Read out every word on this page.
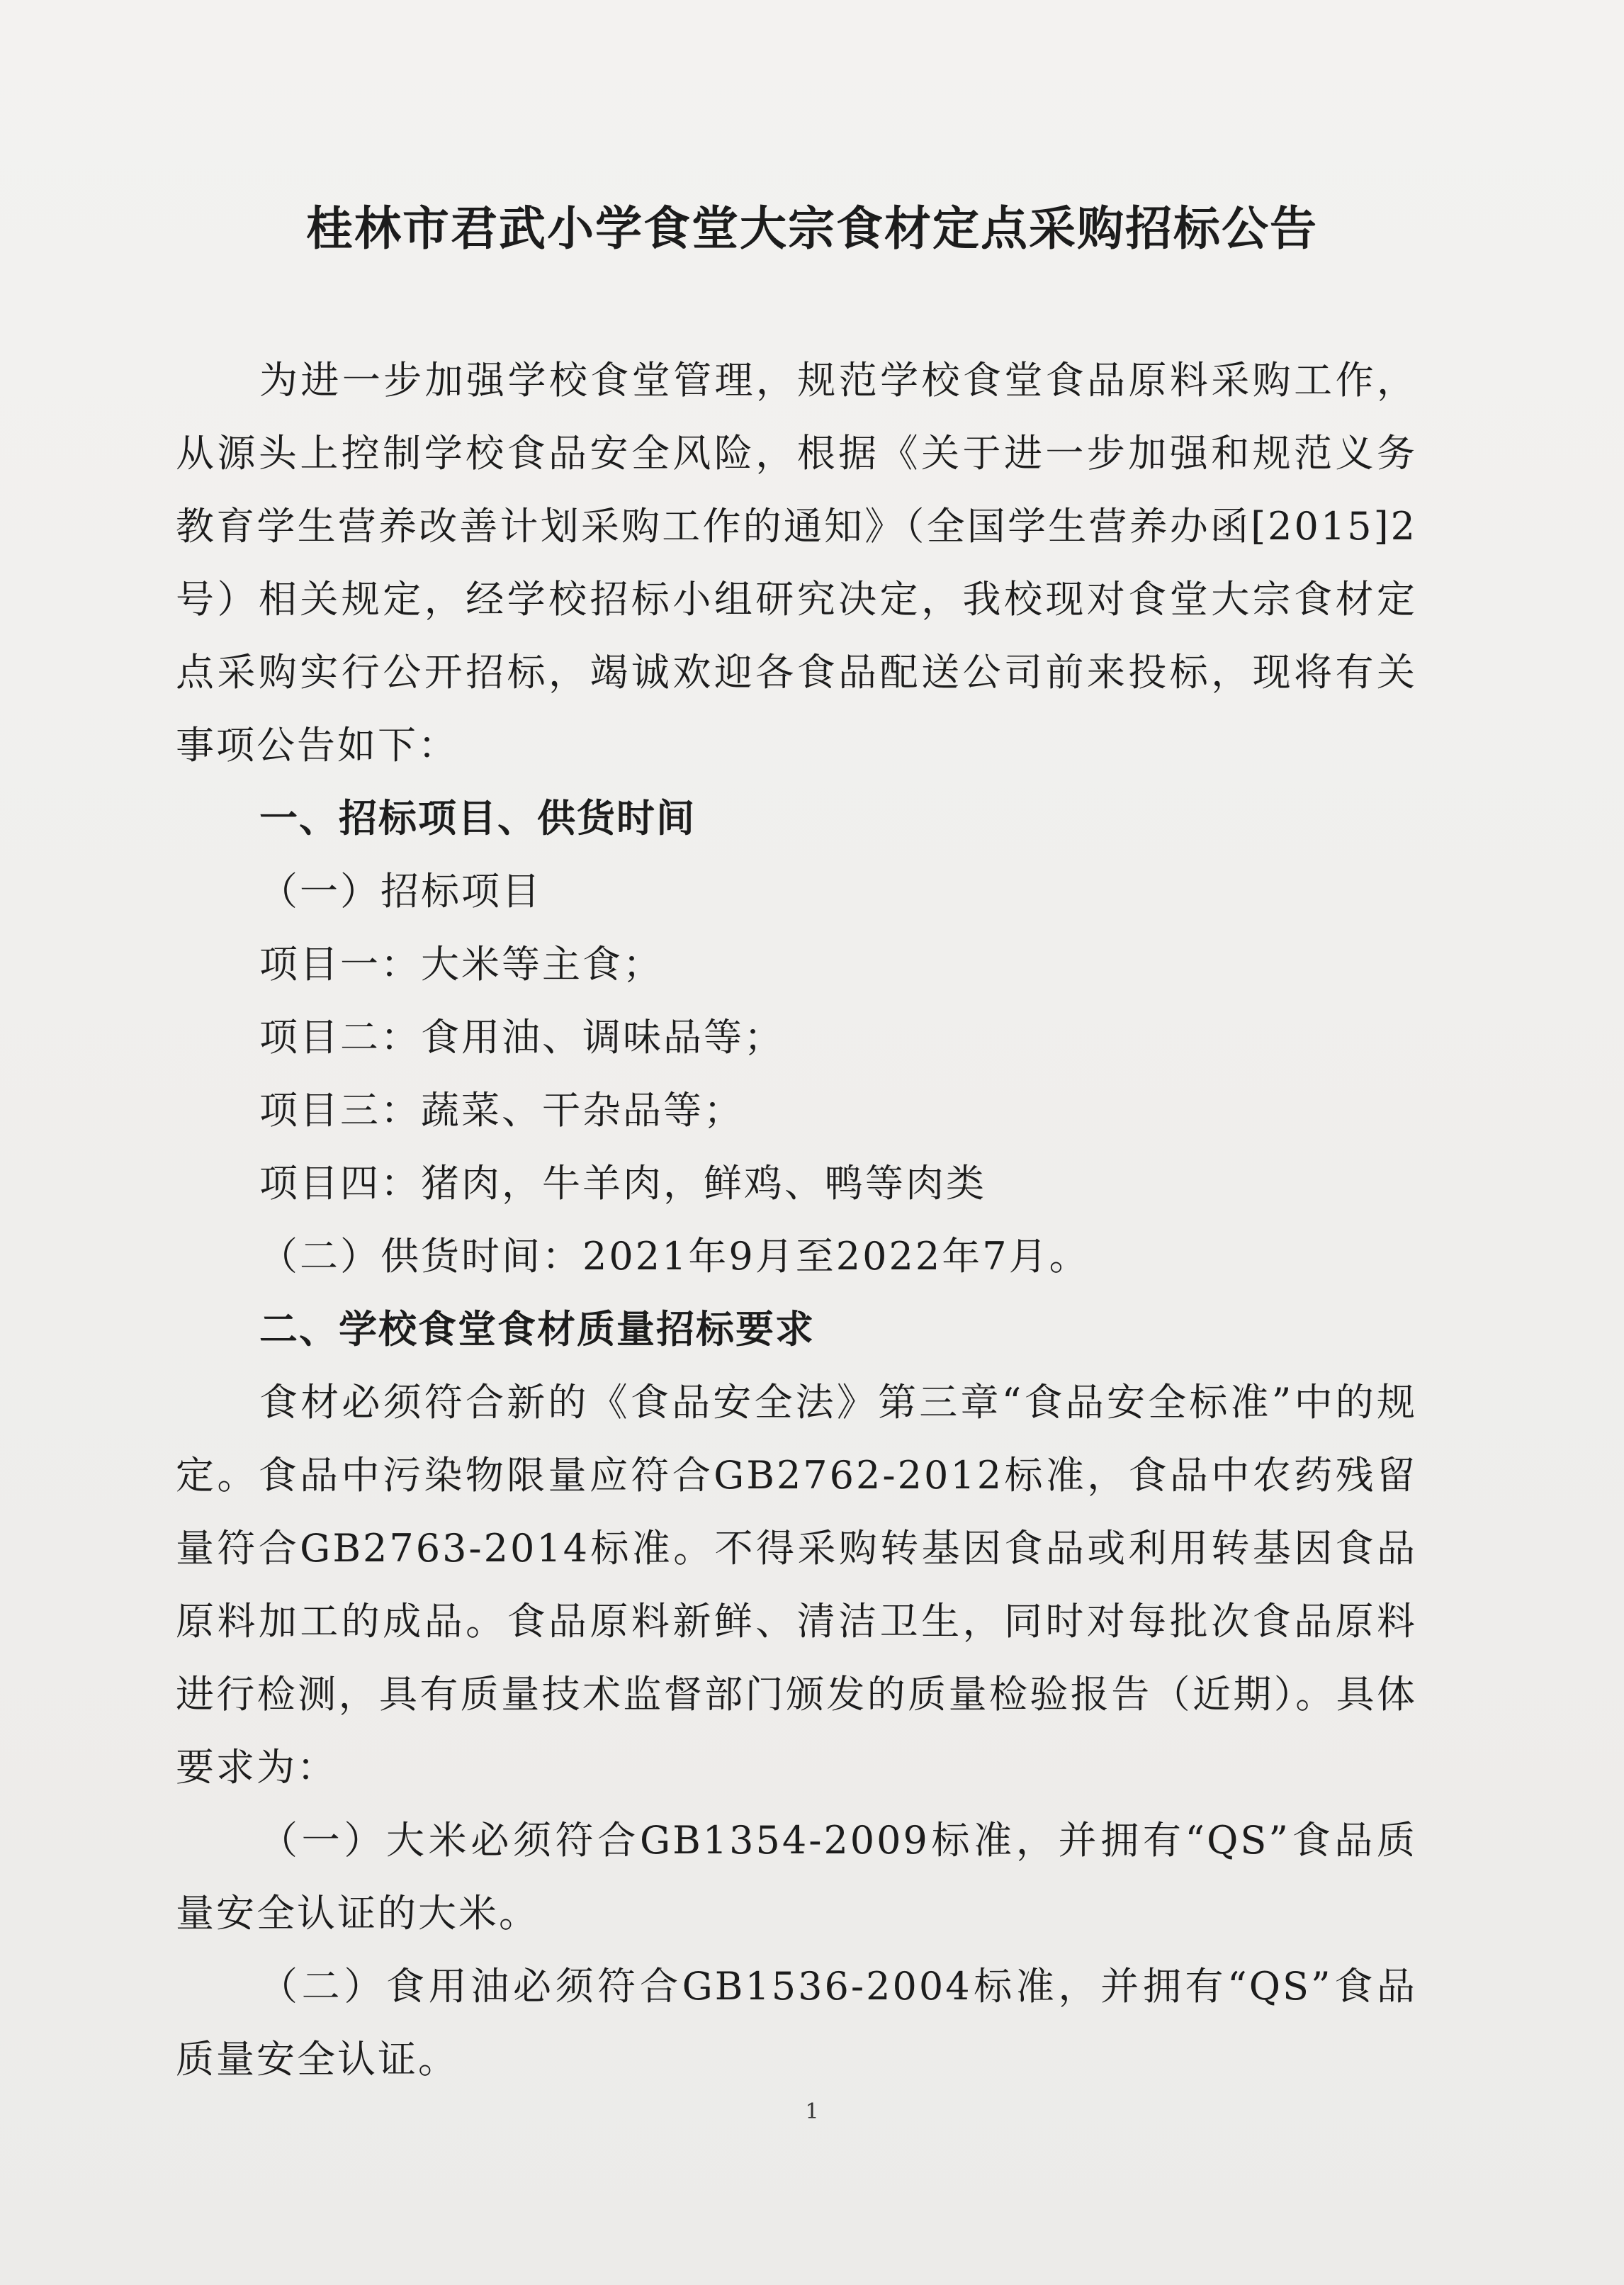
桂林市君武小学食堂大宗食材定点采购招标公告

为进一步加强学校食堂管理，规范学校食堂食品原料采购工作，从源头上控制学校食品安全风险，根据《关于进一步加强和规范义务教育学生营养改善计划采购工作的通知》（全国学生营养办函[2015]2号）相关规定，经学校招标小组研究决定，我校现对食堂大宗食材定点采购实行公开招标，竭诚欢迎各食品配送公司前来投标，现将有关事项公告如下：

一、招标项目、供货时间
（一）招标项目
项目一：大米等主食；
项目二：食用油、调味品等；
项目三：蔬菜、干杂品等；
项目四：猪肉，牛羊肉，鲜鸡、鸭等肉类
（二）供货时间：2021年9月至2022年7月。
二、学校食堂食材质量招标要求

食材必须符合新的《食品安全法》第三章“食品安全标准”中的规定。食品中污染物限量应符合GB2762-2012标准，食品中农药残留量符合GB2763-2014标准。不得采购转基因食品或利用转基因食品原料加工的成品。食品原料新鲜、清洁卫生，同时对每批次食品原料进行检测，具有质量技术监督部门颁发的质量检验报告（近期）。具体要求为：

（一）大米必须符合GB1354-2009标准，并拥有“QS”食品质量安全认证的大米。

（二）食用油必须符合GB1536-2004标准，并拥有“QS”食品质量安全认证。

1
